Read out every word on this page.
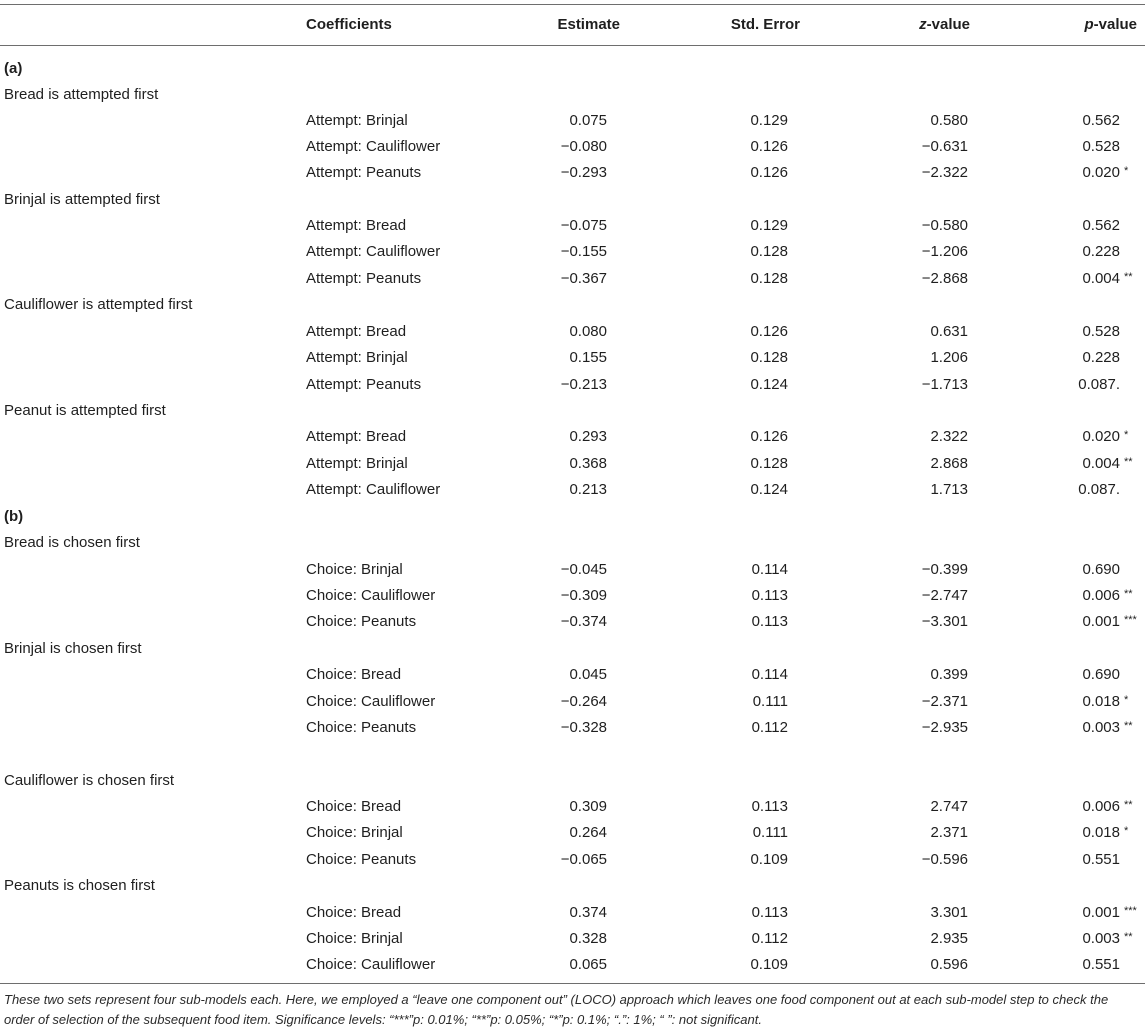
Coefficients	Estimate	Std. Error	z-value	p-value
(a)
Bread is attempted first
Attempt: Brinjal	0.075	0.129	0.580	0.562
Attempt: Cauliflower	−0.080	0.126	−0.631	0.528
Attempt: Peanuts	−0.293	0.126	−2.322	0.020 *
Brinjal is attempted first
Attempt: Bread	−0.075	0.129	−0.580	0.562
Attempt: Cauliflower	−0.155	0.128	−1.206	0.228
Attempt: Peanuts	−0.367	0.128	−2.868	0.004 **
Cauliflower is attempted first
Attempt: Bread	0.080	0.126	0.631	0.528
Attempt: Brinjal	0.155	0.128	1.206	0.228
Attempt: Peanuts	−0.213	0.124	−1.713	0.087.
Peanut is attempted first
Attempt: Bread	0.293	0.126	2.322	0.020 *
Attempt: Brinjal	0.368	0.128	2.868	0.004 **
Attempt: Cauliflower	0.213	0.124	1.713	0.087.
(b)
Bread is chosen first
Choice: Brinjal	−0.045	0.114	−0.399	0.690
Choice: Cauliflower	−0.309	0.113	−2.747	0.006 **
Choice: Peanuts	−0.374	0.113	−3.301	0.001 ***
Brinjal is chosen first
Choice: Bread	0.045	0.114	0.399	0.690
Choice: Cauliflower	−0.264	0.111	−2.371	0.018 *
Choice: Peanuts	−0.328	0.112	−2.935	0.003 **
Cauliflower is chosen first
Choice: Bread	0.309	0.113	2.747	0.006 **
Choice: Brinjal	0.264	0.111	2.371	0.018 *
Choice: Peanuts	−0.065	0.109	−0.596	0.551
Peanuts is chosen first
Choice: Bread	0.374	0.113	3.301	0.001 ***
Choice: Brinjal	0.328	0.112	2.935	0.003 **
Choice: Cauliflower	0.065	0.109	0.596	0.551
These two sets represent four sub-models each. Here, we employed a “leave one component out” (LOCO) approach which leaves one food component out at each sub-model step to check the order of selection of the subsequent food item. Significance levels: “***”p: 0.01%; “**”p: 0.05%; “*”p: 0.1%; “.”: 1%; “ ”: not significant.
